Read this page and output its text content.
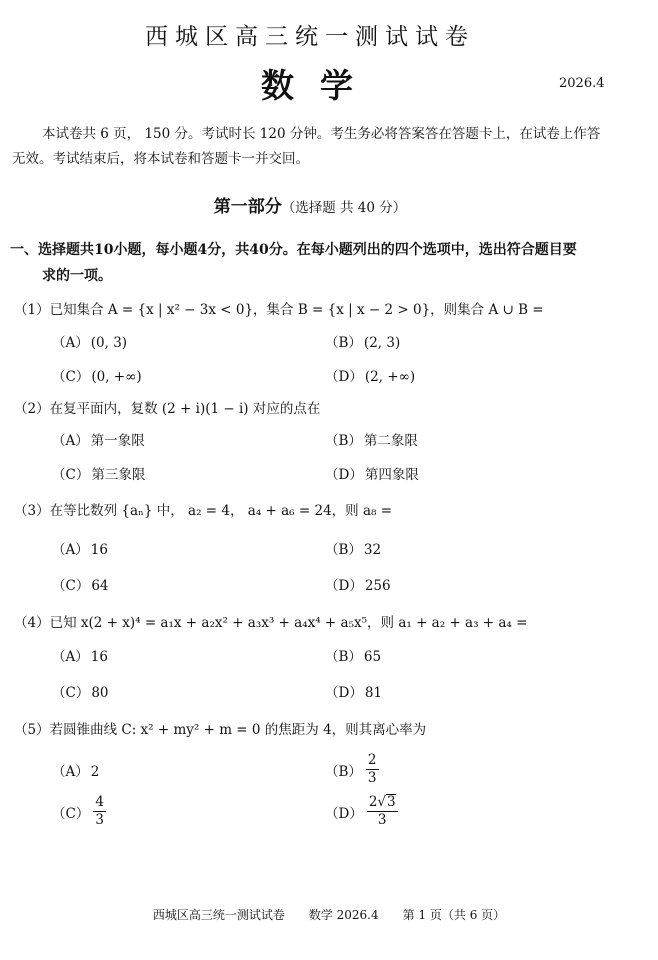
西城区高三统一测试试卷
数学	2026.4
本试卷共 6 页， 150 分。考试时长 120 分钟。考生务必将答案答在答题卡上，在试卷上作答无效。考试结束后，将本试卷和答题卡一并交回。
第一部分（选择题 共 40 分）
一、选择题共10小题，每小题4分，共40分。在每小题列出的四个选项中，选出符合题目要
求的一项。
（1）已知集合 A = {x | x² − 3x < 0}，集合 B = {x | x − 2 > 0}，则集合 A ∪ B =
（A） (0, 3)	（B） (2, 3)
（C） (0, +∞)	（D） (2, +∞)
（2）在复平面内，复数 (2 + i)(1 − i) 对应的点在
（A） 第一象限	（B） 第二象限
（C） 第三象限	（D） 第四象限
（3）在等比数列 {aₙ} 中， a₂ = 4， a₄ + a₆ = 24，则 a₈ =
（A） 16	（B） 32
（C） 64	（D） 256
（4）已知 x(2 + x)⁴ = a₁x + a₂x² + a₃x³ + a₄x⁴ + a₅x⁵，则 a₁ + a₂ + a₃ + a₄ =
（A） 16	（B） 65
（C） 80	（D） 81
（5）若圆锥曲线 C: x² + my² + m = 0 的焦距为 4，则其离心率为
（A） 2	$(B) \frac{2}{3}$
$(C) \frac{4}{3}$	$(D) \frac{2√3}{3}$
西城区高三统一测试试卷　　数学 2026.4　　第 1 页（共 6 页）
